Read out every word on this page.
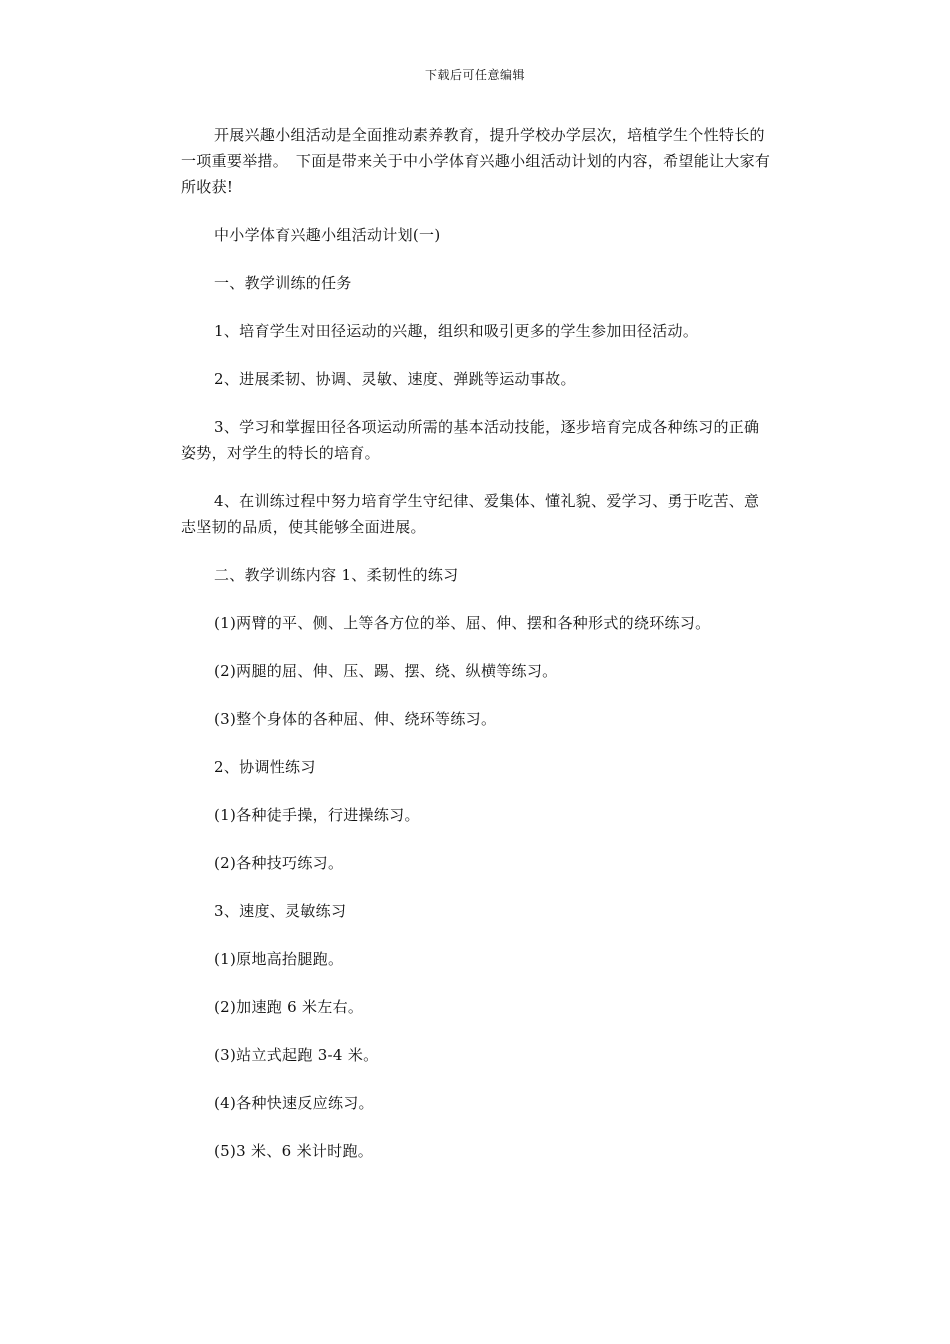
下载后可任意编辑

开展兴趣小组活动是全面推动素养教育，提升学校办学层次，培植学生个性特长的一项重要举措。　下面是带来关于中小学体育兴趣小组活动计划的内容，希望能让大家有所收获!

中小学体育兴趣小组活动计划(一)

一、教学训练的任务

1、培育学生对田径运动的兴趣，组织和吸引更多的学生参加田径活动。

2、进展柔韧、协调、灵敏、速度、弹跳等运动事故。

3、学习和掌握田径各项运动所需的基本活动技能，逐步培育完成各种练习的正确姿势，对学生的特长的培育。

4、在训练过程中努力培育学生守纪律、爱集体、懂礼貌、爱学习、勇于吃苦、意志坚韧的品质，使其能够全面进展。

二、教学训练内容 1、柔韧性的练习

(1)两臂的平、侧、上等各方位的举、屈、伸、摆和各种形式的绕环练习。

(2)两腿的屈、伸、压、踢、摆、绕、纵横等练习。

(3)整个身体的各种屈、伸、绕环等练习。

2、协调性练习

(1)各种徒手操，行进操练习。

(2)各种技巧练习。

3、速度、灵敏练习

(1)原地高抬腿跑。

(2)加速跑 6 米左右。

(3)站立式起跑 3-4 米。

(4)各种快速反应练习。

(5)3 米、6 米计时跑。
